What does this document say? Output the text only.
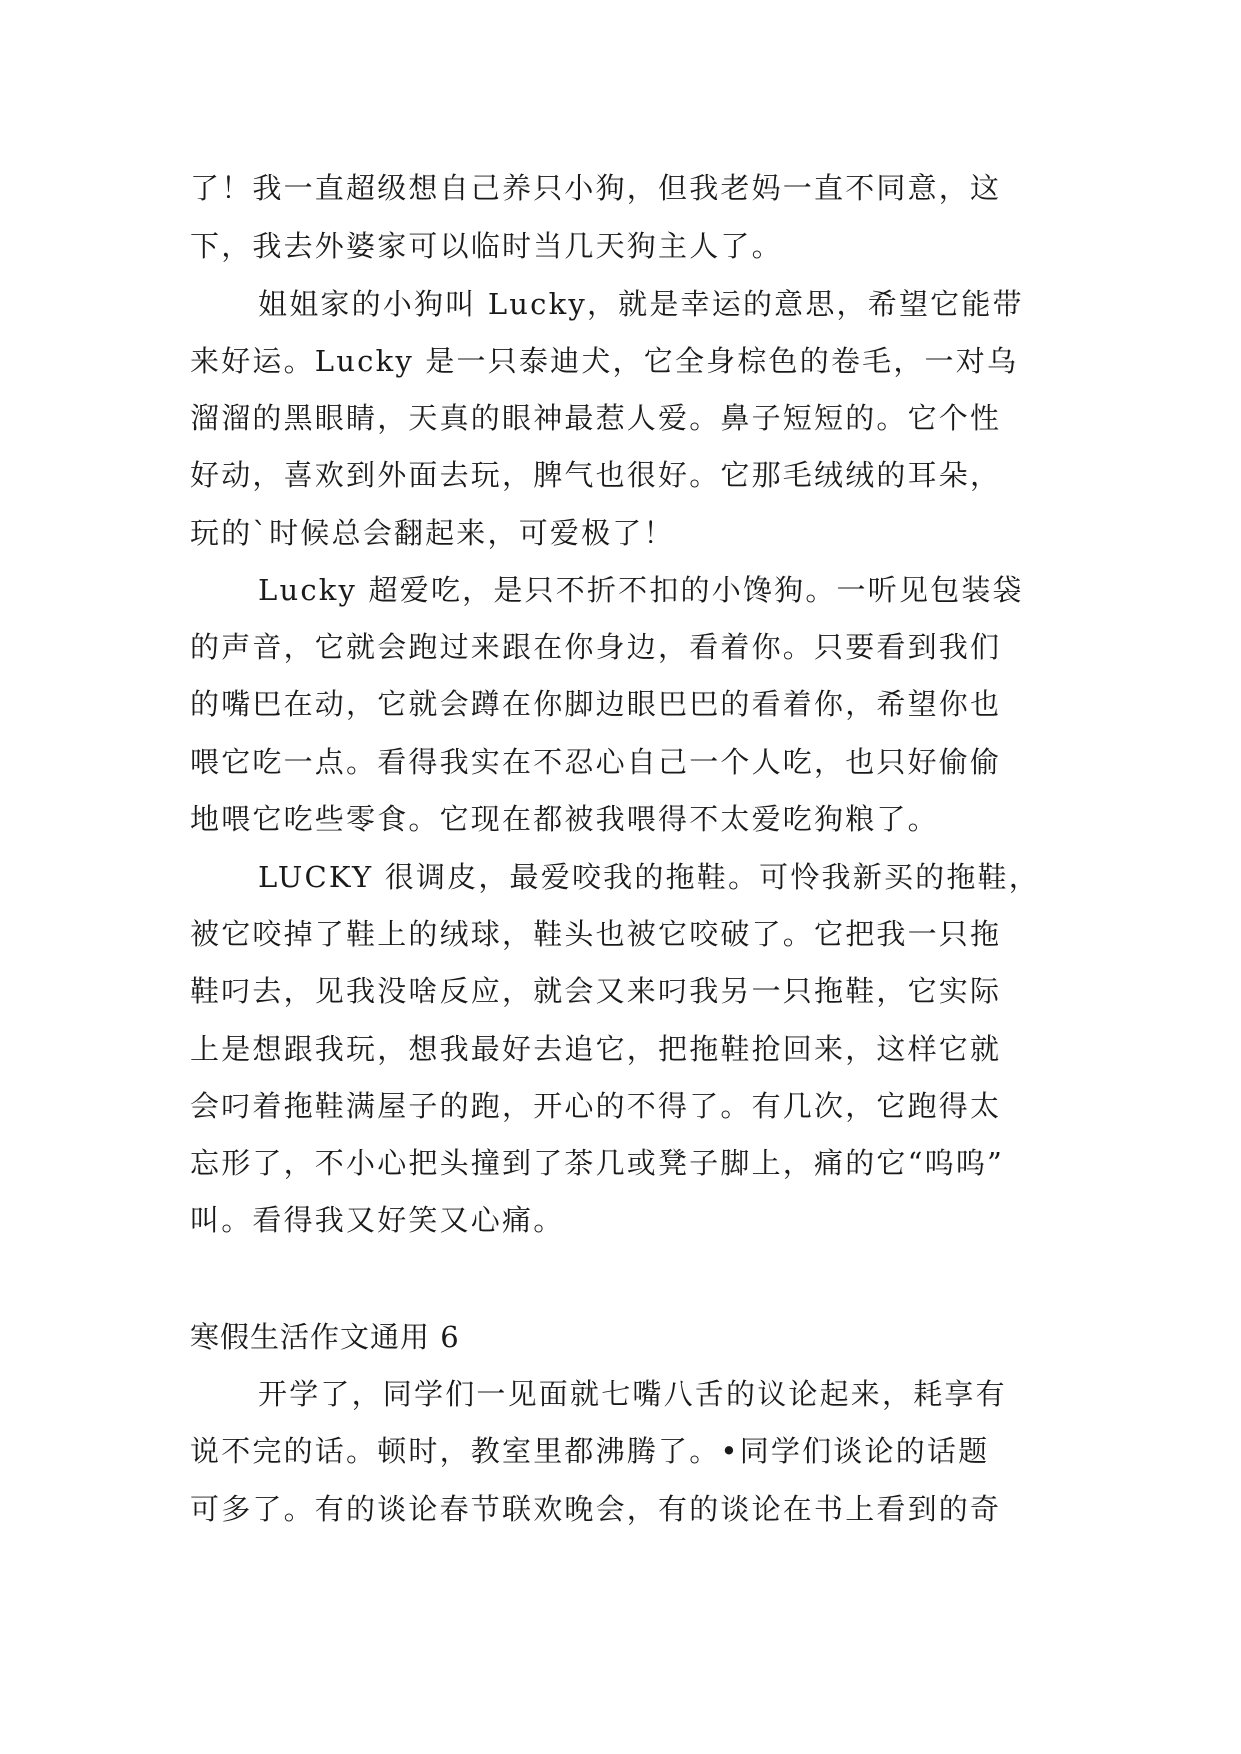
了！我一直超级想自己养只小狗，但我老妈一直不同意，这
下，我去外婆家可以临时当几天狗主人了。
姐姐家的小狗叫 Lucky，就是幸运的意思，希望它能带
来好运。Lucky 是一只泰迪犬，它全身棕色的卷毛，一对乌
溜溜的黑眼睛，天真的眼神最惹人爱。鼻子短短的。它个性
好动，喜欢到外面去玩，脾气也很好。它那毛绒绒的耳朵，
玩的`时候总会翻起来，可爱极了！
Lucky 超爱吃，是只不折不扣的小馋狗。一听见包装袋
的声音，它就会跑过来跟在你身边，看着你。只要看到我们
的嘴巴在动，它就会蹲在你脚边眼巴巴的看着你，希望你也
喂它吃一点。看得我实在不忍心自己一个人吃，也只好偷偷
地喂它吃些零食。它现在都被我喂得不太爱吃狗粮了。
LUCKY 很调皮，最爱咬我的拖鞋。可怜我新买的拖鞋，
被它咬掉了鞋上的绒球，鞋头也被它咬破了。它把我一只拖
鞋叼去，见我没啥反应，就会又来叼我另一只拖鞋，它实际
上是想跟我玩，想我最好去追它，把拖鞋抢回来，这样它就
会叼着拖鞋满屋子的跑，开心的不得了。有几次，它跑得太
忘形了，不小心把头撞到了茶几或凳子脚上，痛的它“呜呜”
叫。看得我又好笑又心痛。
寒假生活作文通用 6
开学了，同学们一见面就七嘴八舌的议论起来，耗享有
说不完的话。顿时，教室里都沸腾了。•同学们谈论的话题
可多了。有的谈论春节联欢晚会，有的谈论在书上看到的奇
